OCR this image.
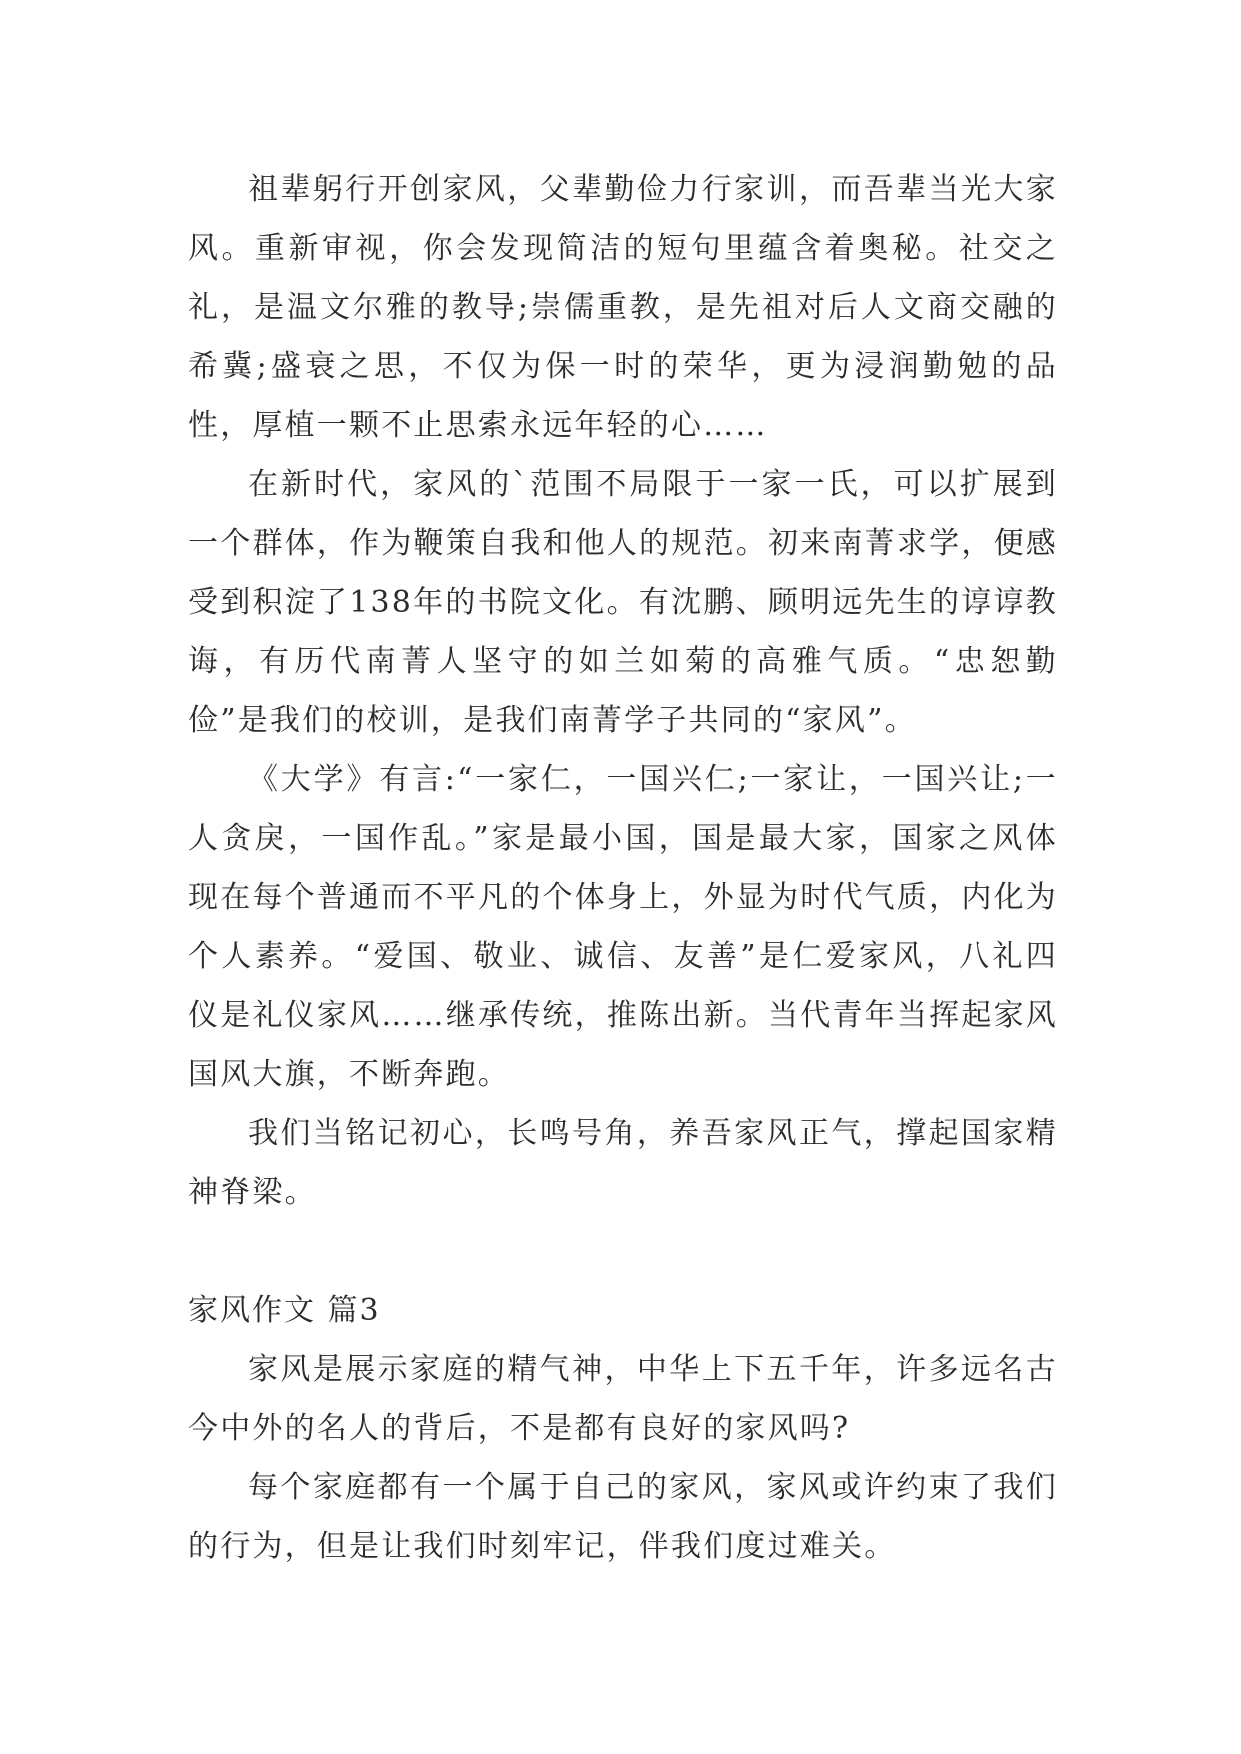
祖辈躬行开创家风，父辈勤俭力行家训，而吾辈当光大家风。重新审视，你会发现简洁的短句里蕴含着奥秘。社交之礼，是温文尔雅的教导;崇儒重教，是先祖对后人文商交融的希冀;盛衰之思，不仅为保一时的荣华，更为浸润勤勉的品性，厚植一颗不止思索永远年轻的心……

在新时代，家风的`范围不局限于一家一氏，可以扩展到一个群体，作为鞭策自我和他人的规范。初来南菁求学，便感受到积淀了138年的书院文化。有沈鹏、顾明远先生的谆谆教诲，有历代南菁人坚守的如兰如菊的高雅气质。“忠恕勤俭”是我们的校训，是我们南菁学子共同的“家风”。

《大学》有言:“一家仁，一国兴仁;一家让，一国兴让;一人贪戾，一国作乱。”家是最小国，国是最大家，国家之风体现在每个普通而不平凡的个体身上，外显为时代气质，内化为个人素养。“爱国、敬业、诚信、友善”是仁爱家风，八礼四仪是礼仪家风……继承传统，推陈出新。当代青年当挥起家风国风大旗，不断奔跑。

我们当铭记初心，长鸣号角，养吾家风正气，撑起国家精神脊梁。

家风作文 篇3

家风是展示家庭的精气神，中华上下五千年，许多远名古今中外的名人的背后，不是都有良好的家风吗?

每个家庭都有一个属于自己的家风，家风或许约束了我们的行为，但是让我们时刻牢记，伴我们度过难关。
